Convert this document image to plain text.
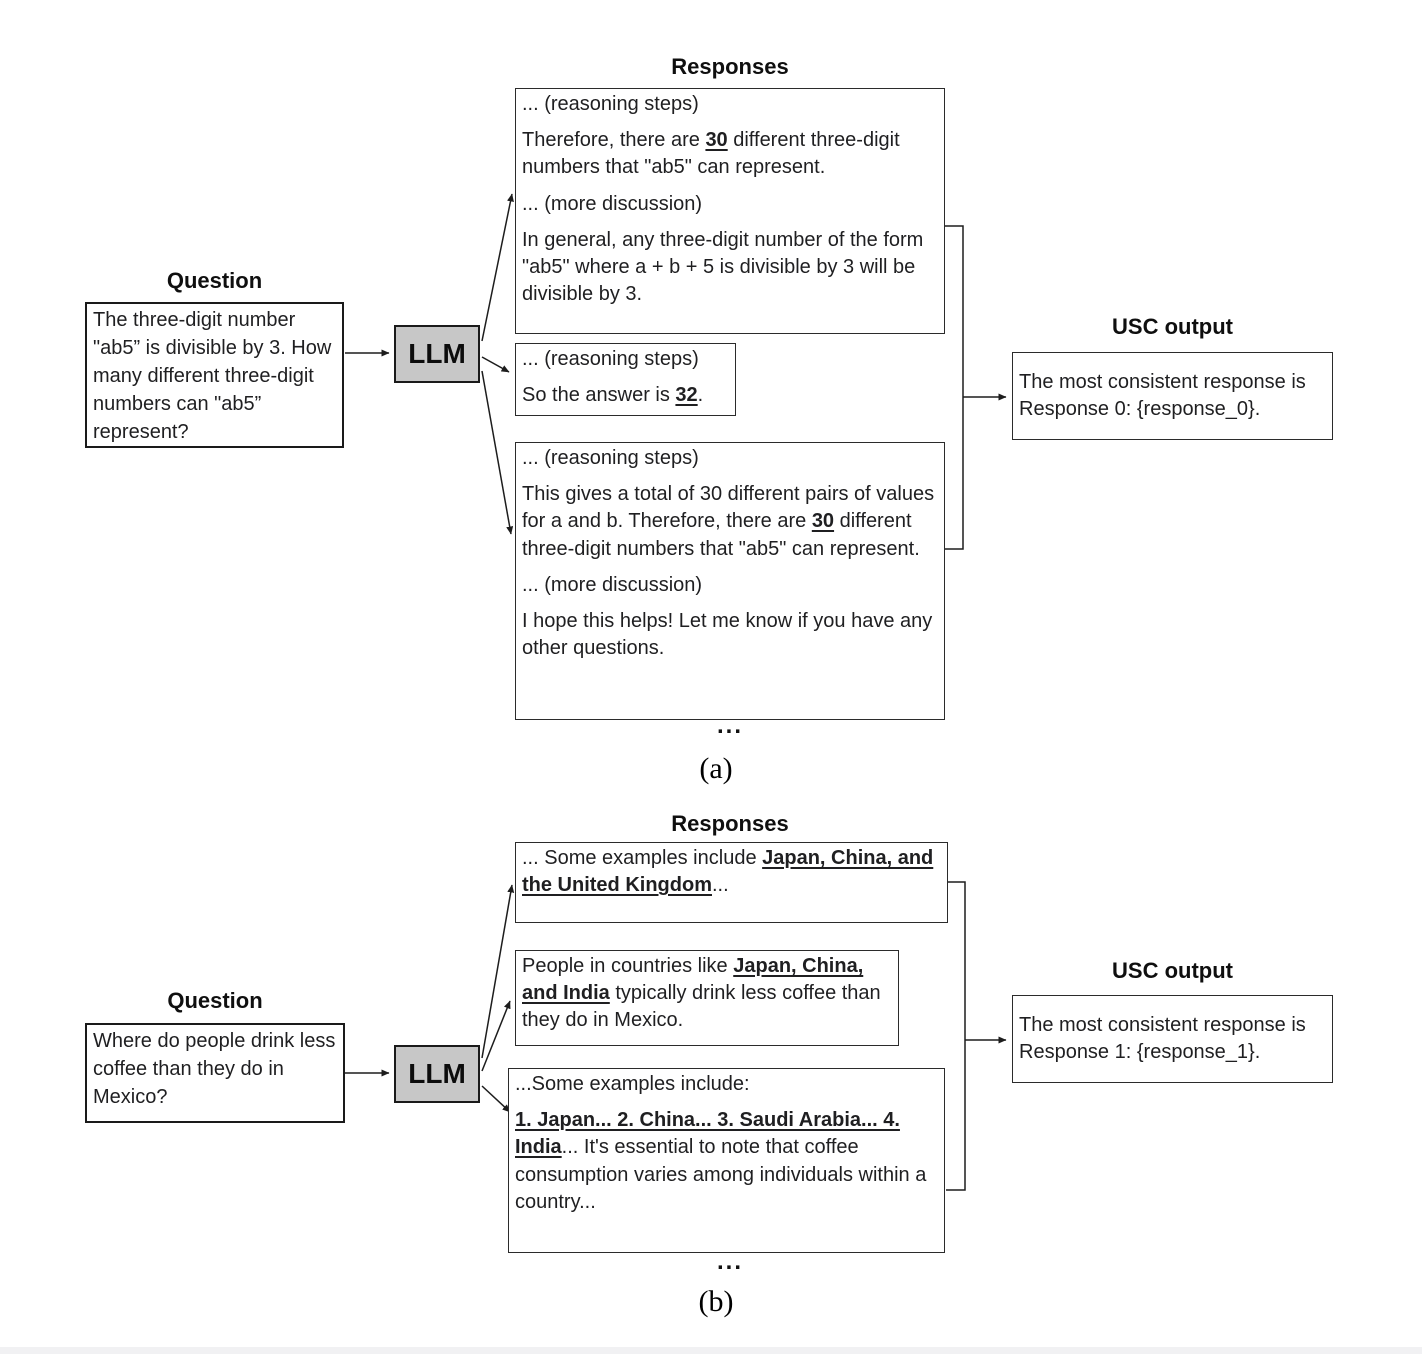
Responses
Question
The three-digit number "ab5” is divisible by 3. How many different three-digit numbers can "ab5” represent?
LLM
... (reasoning steps)
Therefore, there are 30 different three-digit numbers that "ab5" can represent.
... (more discussion)
In general, any three-digit number of the form "ab5" where a + b + 5 is divisible by 3 will be divisible by 3.
... (reasoning steps)
So the answer is 32.
... (reasoning steps)
This gives a total of 30 different pairs of values for a and b. Therefore, there are 30 different three-digit numbers that "ab5" can represent.
... (more discussion)
I hope this helps! Let me know if you have any other questions.
...
USC output
The most consistent response is Response 0: {response_0}.
(a)
Responses
Question
Where do people drink less coffee than they do in Mexico?
LLM
... Some examples include Japan, China, and the United Kingdom...
People in countries like Japan, China, and India typically drink less coffee than they do in Mexico.
...Some examples include:
1. Japan... 2. China... 3. Saudi Arabia... 4. India... It's essential to note that coffee consumption varies among individuals within a country...
...
USC output
The most consistent response is Response 1: {response_1}.
(b)
